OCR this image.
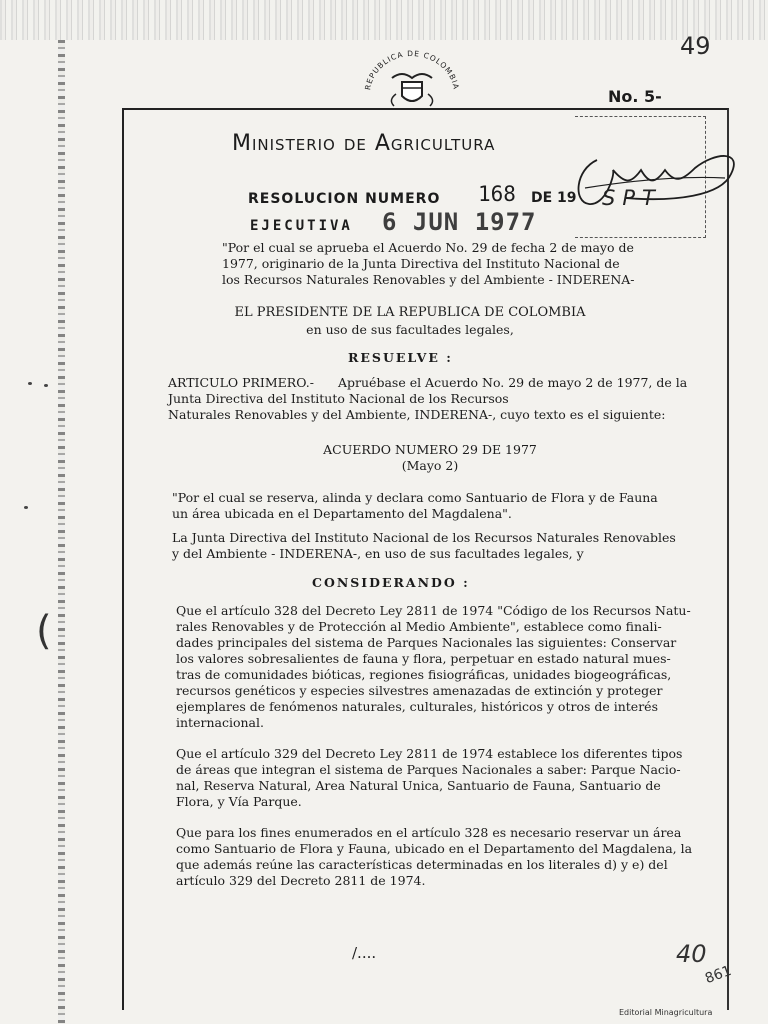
(
49
REPUBLICA DE COLOMBIA
No. 5-
Ministerio de Agricultura
RESOLUCION NUMERO 168 DE 19
EJECUTIVA 6 JUN 1977
SPT
"Por el cual se aprueba el Acuerdo No. 29 de fecha 2 de mayo de
1977, originario de la Junta Directiva del Instituto Nacional de
los Recursos Naturales Renovables y del Ambiente - INDERENA-
EL PRESIDENTE DE LA REPUBLICA DE COLOMBIA
en uso de sus facultades legales,
RESUELVE :
ARTICULO PRIMERO.-	Apruébase el Acuerdo No. 29 de mayo 2 de 1977, de la
Junta Directiva del Instituto Nacional de los Recursos
Naturales Renovables y del Ambiente, INDERENA-, cuyo texto es el siguiente:
ACUERDO NUMERO 29 DE 1977
(Mayo 2)
"Por el cual se reserva, alinda y declara como Santuario de Flora y de Fauna
un área ubicada en el Departamento del Magdalena".
La Junta Directiva del Instituto Nacional de los Recursos Naturales Renovables
y del Ambiente - INDERENA-, en uso de sus facultades legales, y
CONSIDERANDO :
Que el artículo 328 del Decreto Ley 2811 de 1974 "Código de los Recursos Natu-
rales Renovables y de Protección al Medio Ambiente", establece como finali-
dades principales del sistema de Parques Nacionales las siguientes: Conservar
los valores sobresalientes de fauna y flora, perpetuar en estado natural mues-
tras de comunidades bióticas, regiones fisiográficas, unidades biogeográficas,
recursos genéticos y especies silvestres amenazadas de extinción y proteger
ejemplares de fenómenos naturales, culturales, históricos y otros de interés
internacional.
Que el artículo 329 del Decreto Ley 2811 de 1974 establece los diferentes tipos
de áreas que integran el sistema de Parques Nacionales a saber: Parque Nacio-
nal, Reserva Natural, Area Natural Unica, Santuario de Fauna, Santuario de
Flora, y Vía Parque.
Que para los fines enumerados en el artículo 328 es necesario reservar un área
como Santuario de Flora y Fauna, ubicado en el Departamento del Magdalena, la
que además reúne las características determinadas en los literales d) y e) del
artículo 329 del Decreto 2811 de 1974.
/....	40
861
Editorial Minagricultura
